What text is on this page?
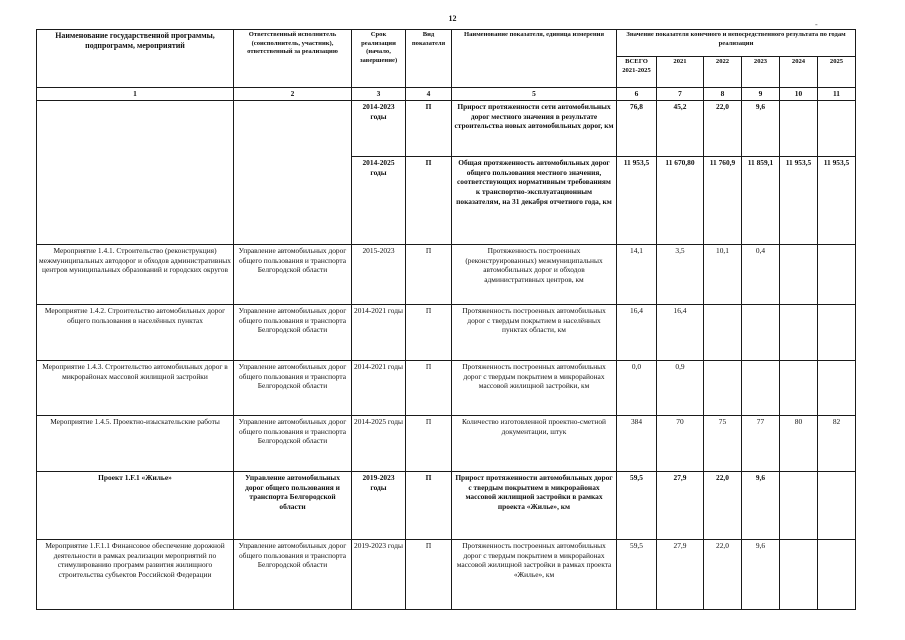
12
-
Наименование государственной программы, подпрограмм, мероприятий	Ответственный исполнитель (соисполнитель, участник), ответственный за реализацию	Срок реализации (начало, завершение)	Вид показателя	Наименование показателя, единица измерения	Значение показателя конечного и непосредственного результата по годам реализации					
					ВСЕГО 2021-2025	2021	2022	2023	2024	2025
1	2	3	4	5	6	7	8	9	10	11
		2014-2023 годы	П	Прирост протяженности сети автомобильных дорог местного значения в результате строительства новых автомобильных дорог, км	76,8	45,2	22,0	9,6		
		2014-2025 годы	П	Общая протяженность автомобильных дорог общего пользования местного значения, соответствующих нормативным требованиям к транспортно-эксплуатационным показателям, на 31 декабря отчетного года, км	11 953,5	11 670,80	11 760,9	11 859,1	11 953,5	11 953,5
Мероприятие 1.4.1. Строительство (реконструкция) межмуниципальных автодорог и обходов административных центров муниципальных образований и городских округов	Управление автомобильных дорог общего пользования и транспорта Белгородской области	2015-2023	П	Протяженность построенных (реконструированных) межмуниципальных автомобильных дорог и обходов административных центров, км	14,1	3,5	10,1	0,4		
Мероприятие 1.4.2. Строительство автомобильных дорог общего пользования в населённых пунктах	Управление автомобильных дорог общего пользования и транспорта Белгородской области	2014-2021 годы	П	Протяженность построенных автомобильных дорог с твердым покрытием в населённых пунктах области, км	16,4	16,4				
Мероприятие 1.4.3. Строительство автомобильных дорог в микрорайонах массовой жилищной застройки	Управление автомобильных дорог общего пользования и транспорта Белгородской области	2014-2021 годы	П	Протяженность построенных автомобильных дорог с твердым покрытием в микрорайонах массовой жилищной застройки, км	0,0	0,9				
Мероприятие 1.4.5. Проектно-изыскательские работы	Управление автомобильных дорог общего пользования и транспорта Белгородской области	2014-2025 годы	П	Количество изготовленной проектно-сметной документации, штук	384	70	75	77	80	82
Проект 1.F.1 «Жилье»	Управление автомобильных дорог общего пользования и транспорта Белгородской области	2019-2023 годы	П	Прирост протяженности автомобильных дорог с твердым покрытием в микрорайонах массовой жилищной застройки в рамках проекта «Жилье», км	59,5	27,9	22,0	9,6		
Мероприятие 1.F.1.1 Финансовое обеспечение дорожной деятельности в рамках реализации мероприятий по стимулированию программ развития жилищного строительства субъектов Российской Федерации	Управление автомобильных дорог общего пользования и транспорта Белгородской области	2019-2023 годы	П	Протяженность построенных автомобильных дорог с твердым покрытием в микрорайонах массовой жилищной застройки в рамках проекта «Жилье», км	59,5	27,9	22,0	9,6		
